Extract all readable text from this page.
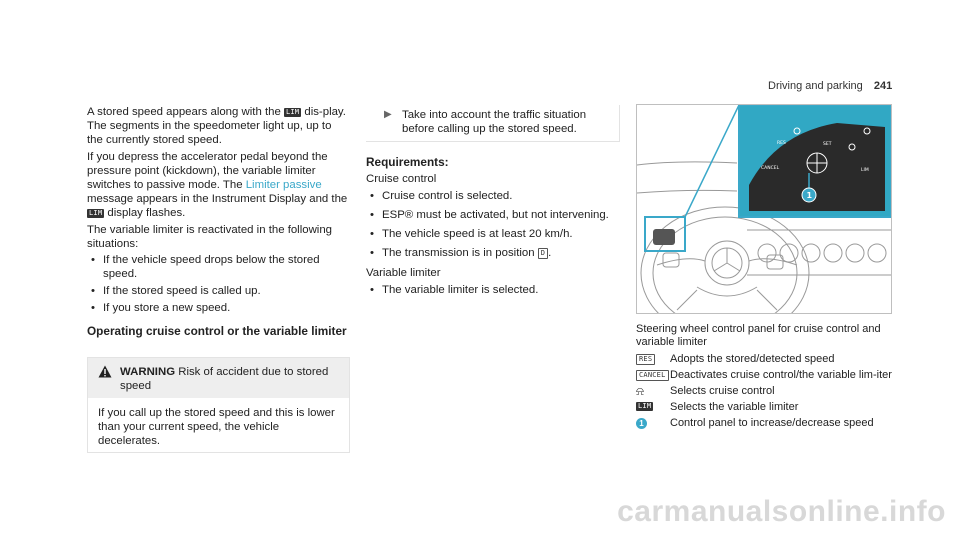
Driving and parking 241

A stored speed appears along with the LIM dis-play. The segments in the speedometer light up, up to the currently stored speed.

If you depress the accelerator pedal beyond the pressure point (kickdown), the variable limiter switches to passive mode. The Limiter passive message appears in the Instrument Display and the LIM display flashes.

The variable limiter is reactivated in the following situations:

• If the vehicle speed drops below the stored speed.
• If the stored speed is called up.
• If you store a new speed.

Operating cruise control or the variable limiter

WARNING Risk of accident due to stored speed

If you call up the stored speed and this is lower than your current speed, the vehicle decelerates.

▶ Take into account the traffic situation before calling up the stored speed.

Requirements:

Cruise control

• Cruise control is selected.
• ESP® must be activated, but not intervening.
• The vehicle speed is at least 20 km/h.
• The transmission is in position D .

Variable limiter

• The variable limiter is selected.
RES	SET
CANCEL	LIM
1

Steering wheel control panel for cruise control and variable limiter

RES Adopts the stored/detected speed
CANCEL Deactivates cruise control/the variable lim-iter
⍾ Selects cruise control
LIM Selects the variable limiter
1 Control panel to increase/decrease speed
carmanualsonline.info
